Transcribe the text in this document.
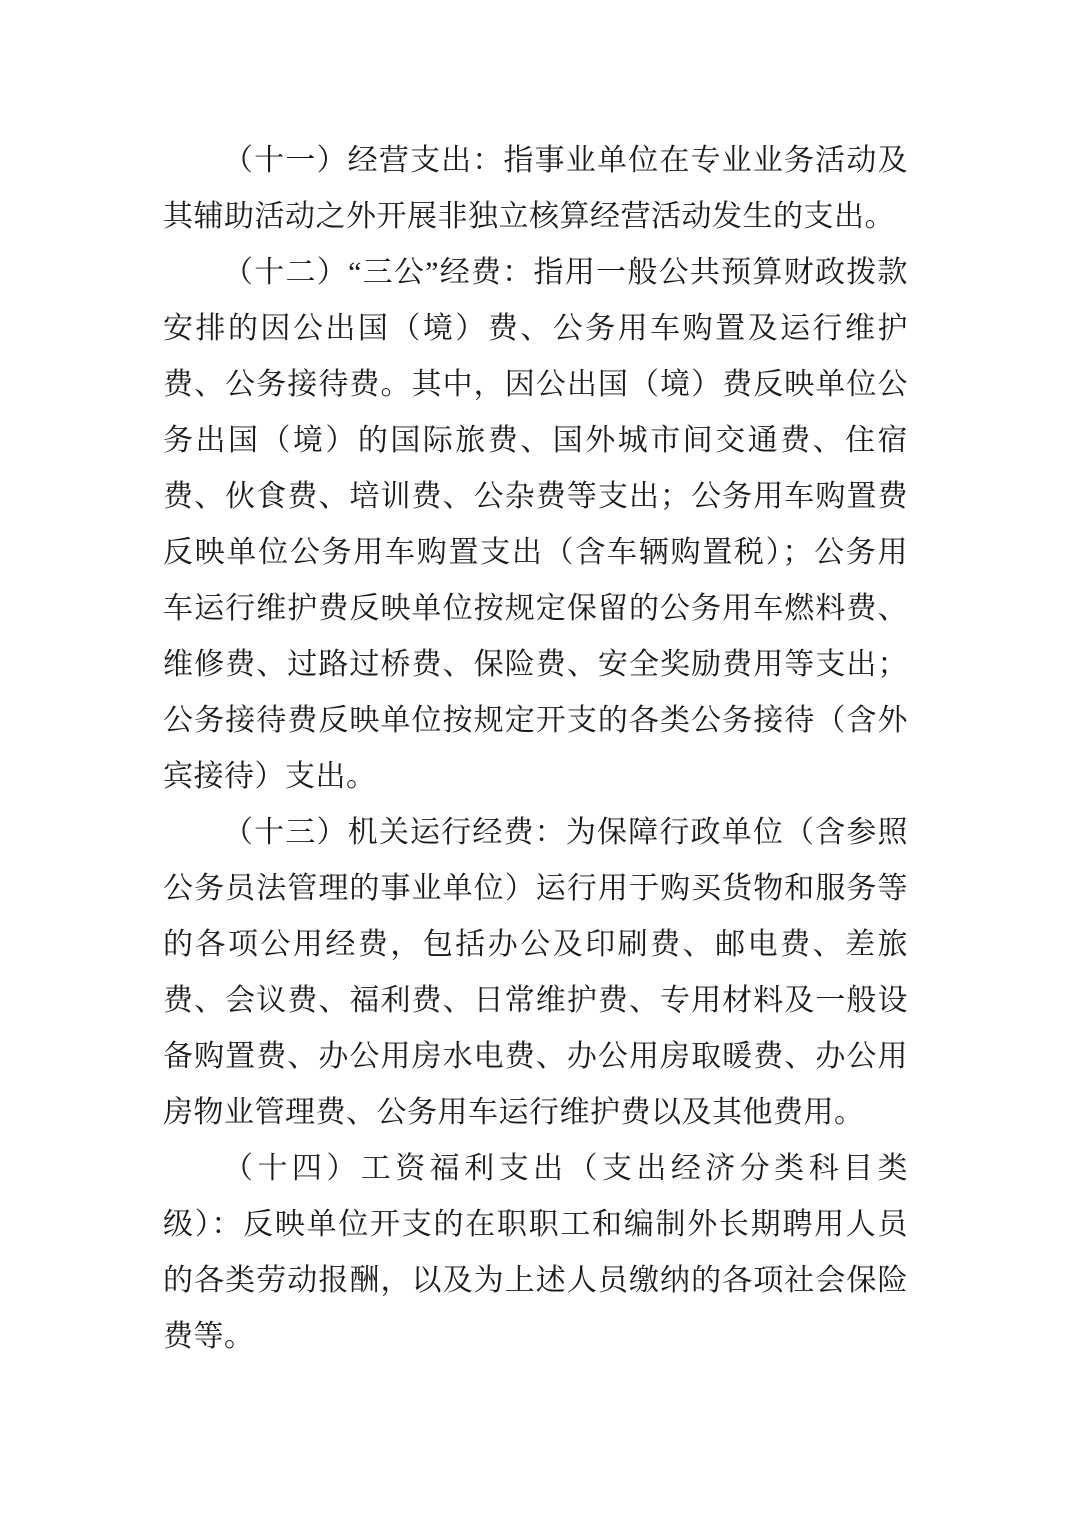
（十一）经营支出：指事业单位在专业业务活动及其辅助活动之外开展非独立核算经营活动发生的支出。

（十二）“三公”经费：指用一般公共预算财政拨款安排的因公出国（境）费、公务用车购置及运行维护费、公务接待费。其中，因公出国（境）费反映单位公务出国（境）的国际旅费、国外城市间交通费、住宿费、伙食费、培训费、公杂费等支出；公务用车购置费反映单位公务用车购置支出（含车辆购置税）；公务用车运行维护费反映单位按规定保留的公务用车燃料费、维修费、过路过桥费、保险费、安全奖励费用等支出；公务接待费反映单位按规定开支的各类公务接待（含外宾接待）支出。

（十三）机关运行经费：为保障行政单位（含参照公务员法管理的事业单位）运行用于购买货物和服务等的各项公用经费，包括办公及印刷费、邮电费、差旅费、会议费、福利费、日常维护费、专用材料及一般设备购置费、办公用房水电费、办公用房取暖费、办公用房物业管理费、公务用车运行维护费以及其他费用。

（十四）工资福利支出（支出经济分类科目类级）：反映单位开支的在职职工和编制外长期聘用人员的各类劳动报酬，以及为上述人员缴纳的各项社会保险费等。
